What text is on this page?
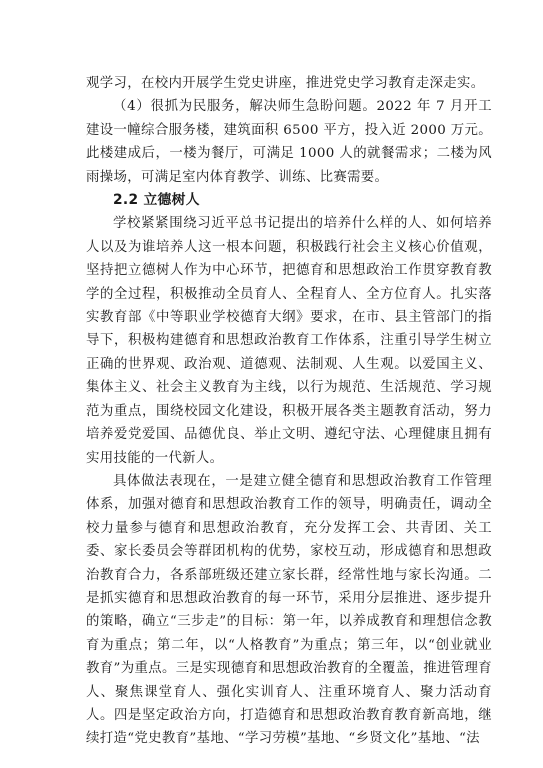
观学习，在校内开展学生党史讲座，推进党史学习教育走深走实。

（4）很抓为民服务，解决师生急盼问题。2022 年 7 月开工建设一幢综合服务楼，建筑面积 6500 平方，投入近 2000 万元。此楼建成后，一楼为餐厅，可满足 1000 人的就餐需求；二楼为风雨操场，可满足室内体育教学、训练、比赛需要。

2.2 立德树人

学校紧紧围绕习近平总书记提出的培养什么样的人、如何培养人以及为谁培养人这一根本问题，积极践行社会主义核心价值观，坚持把立德树人作为中心环节，把德育和思想政治工作贯穿教育教学的全过程，积极推动全员育人、全程育人、全方位育人。扎实落实教育部《中等职业学校德育大纲》要求，在市、县主管部门的指导下，积极构建德育和思想政治教育工作体系，注重引导学生树立正确的世界观、政治观、道德观、法制观、人生观。以爱国主义、集体主义、社会主义教育为主线，以行为规范、生活规范、学习规范为重点，围绕校园文化建设，积极开展各类主题教育活动，努力培养爱党爱国、品德优良、举止文明、遵纪守法、心理健康且拥有实用技能的一代新人。

具体做法表现在，一是建立健全德育和思想政治教育工作管理体系，加强对德育和思想政治教育工作的领导，明确责任，调动全校力量参与德育和思想政治教育，充分发挥工会、共青团、关工委、家长委员会等群团机构的优势，家校互动，形成德育和思想政治教育合力，各系部班级还建立家长群，经常性地与家长沟通。二是抓实德育和思想政治教育的每一环节，采用分层推进、逐步提升的策略，确立“三步走”的目标：第一年，以养成教育和理想信念教育为重点；第二年，以“人格教育”为重点；第三年，以“创业就业教育”为重点。三是实现德育和思想政治教育的全覆盖，推进管理育人、聚焦课堂育人、强化实训育人、注重环境育人、聚力活动育人。四是坚定政治方向，打造德育和思想政治教育教育新高地，继续打造“党史教育”基地、“学习劳模”基地、“乡贤文化”基地、“法
